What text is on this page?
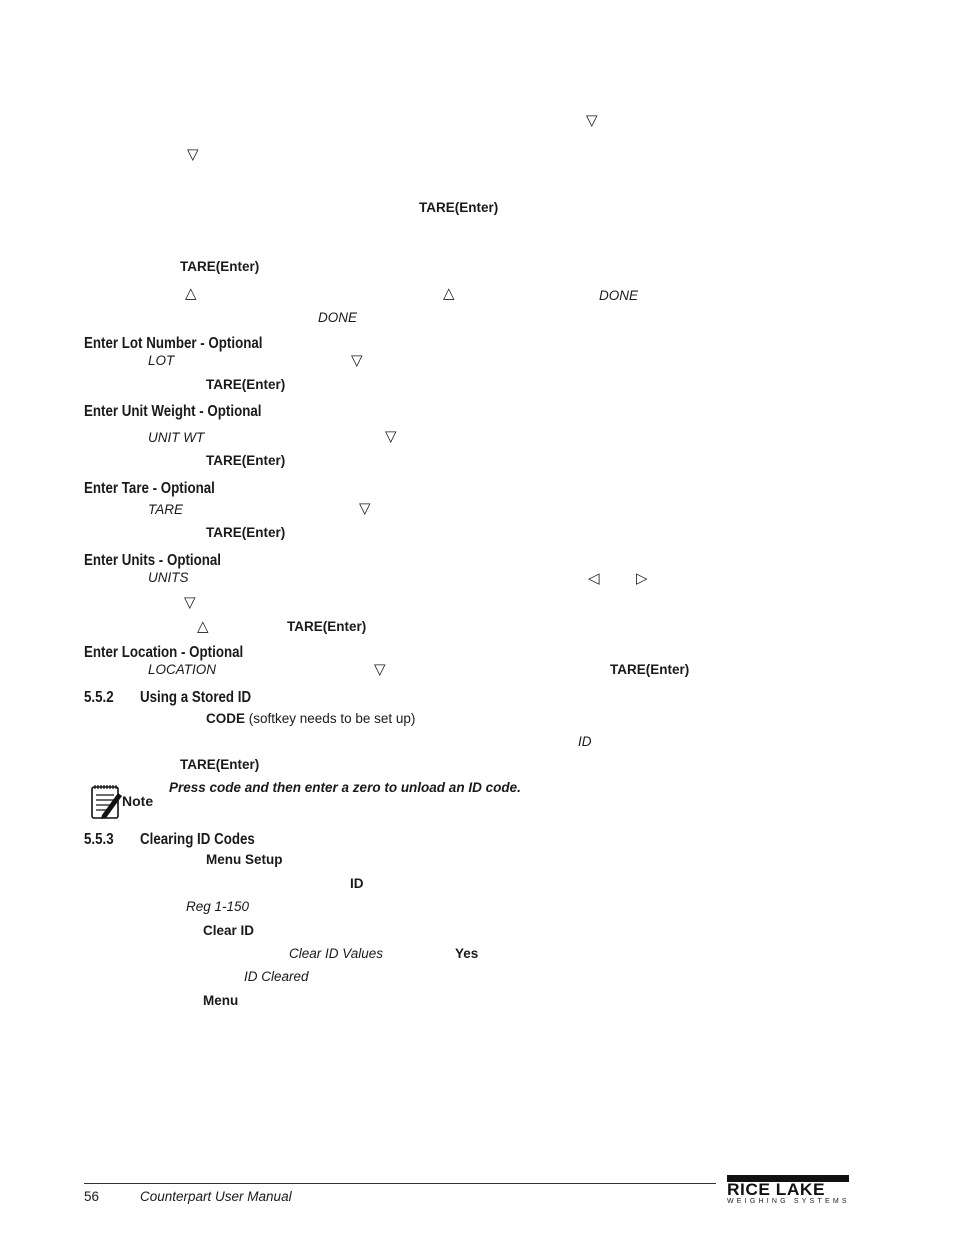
▽
▽
TARE(Enter)
TARE(Enter)
△	△	DONE
DONE
Enter Lot Number - Optional
LOT	▽
TARE(Enter)
Enter Unit Weight - Optional
UNIT WT	▽
TARE(Enter)
Enter Tare - Optional
TARE	▽
TARE(Enter)
Enter Units - Optional
UNITS	◁ ▷
▽
△	TARE(Enter)
Enter Location - Optional
LOCATION	▽	TARE(Enter)
5.5.2 Using a Stored ID
CODE (softkey needs to be set up)
ID
TARE(Enter)
Note
Press code and then enter a zero to unload an ID code.
5.5.3 Clearing ID Codes
Menu Setup
ID
Reg 1-150
Clear ID
Clear ID Values	Yes
ID Cleared
Menu
56	Counterpart User Manual	RICE LAKE
WEIGHING SYSTEMS
